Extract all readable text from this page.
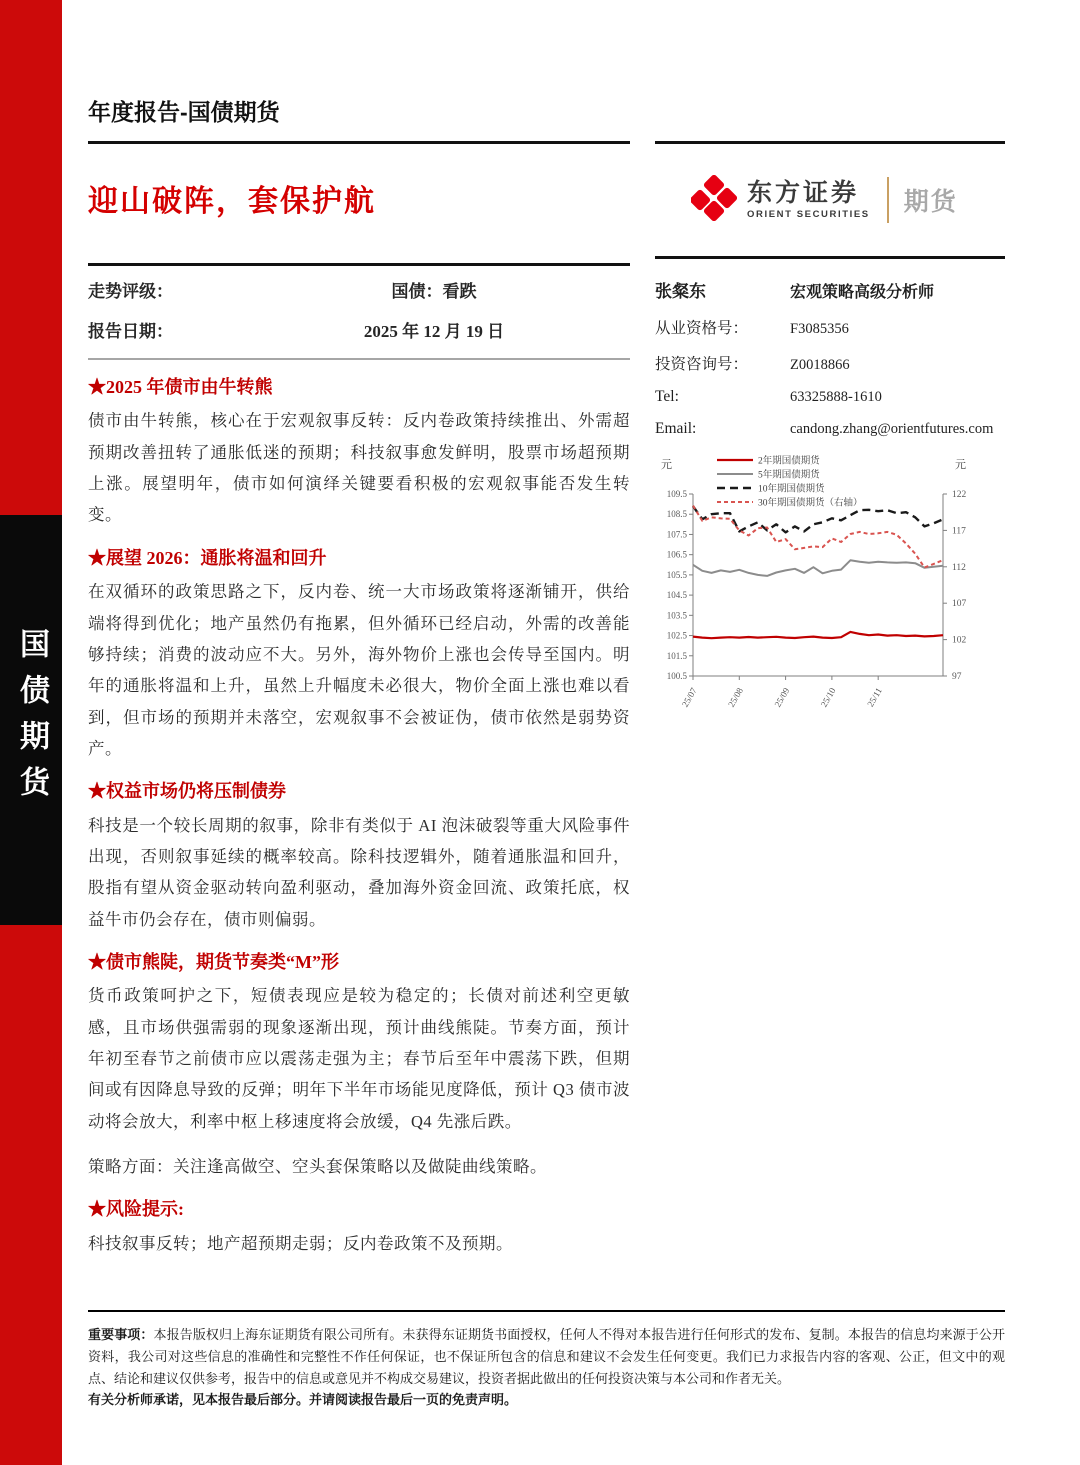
国债期货
年度报告-国债期货
迎山破阵，套保护航
走势评级：	国债：看跌
报告日期：	2025 年 12 月 19 日
★2025 年债市由牛转熊

债市由牛转熊，核心在于宏观叙事反转：反内卷政策持续推出、外需超预期改善扭转了通胀低迷的预期；科技叙事愈发鲜明，股票市场超预期上涨。展望明年，债市如何演绎关键要看积极的宏观叙事能否发生转变。

★展望 2026：通胀将温和回升

在双循环的政策思路之下，反内卷、统一大市场政策将逐渐铺开，供给端将得到优化；地产虽然仍有拖累，但外循环已经启动，外需的改善能够持续；消费的波动应不大。另外，海外物价上涨也会传导至国内。明年的通胀将温和上升，虽然上升幅度未必很大，物价全面上涨也难以看到，但市场的预期并未落空，宏观叙事不会被证伪，债市依然是弱势资产。

★权益市场仍将压制债券

科技是一个较长周期的叙事，除非有类似于 AI 泡沫破裂等重大风险事件出现，否则叙事延续的概率较高。除科技逻辑外，随着通胀温和回升，股指有望从资金驱动转向盈利驱动，叠加海外资金回流、政策托底，权益牛市仍会存在，债市则偏弱。

★债市熊陡，期货节奏类“M”形

货币政策呵护之下，短债表现应是较为稳定的；长债对前述利空更敏感，且市场供强需弱的现象逐渐出现，预计曲线熊陡。节奏方面，预计年初至春节之前债市应以震荡走强为主；春节后至年中震荡下跌，但期间或有因降息导致的反弹；明年下半年市场能见度降低，预计 Q3 债市波动将会放大，利率中枢上移速度将会放缓，Q4 先涨后跌。

策略方面：关注逢高做空、空头套保策略以及做陡曲线策略。

★风险提示:

科技叙事反转；地产超预期走弱；反内卷政策不及预期。

东方证券
ORIENT SECURITIES 期货
张粲东	宏观策略高级分析师
从业资格号：	F3085356
投资咨询号：	Z0018866
Tel:	63325888-1610
Email:	candong.zhang@orientfutures.com
100.5
101.5
102.5
103.5
104.5
105.5
106.5
107.5
108.5
109.5
97
102
107
112
117
122
25/07	25/08	25/09	25/10	25/11
元	元
2年期国债期货
5年期国债期货
10年期国债期货
30年期国债期货（右轴）

重要事项：本报告版权归上海东证期货有限公司所有。未获得东证期货书面授权，任何人不得对本报告进行任何形式的发布、复制。本报告的信息均来源于公开资料，我公司对这些信息的准确性和完整性不作任何保证，也不保证所包含的信息和建议不会发生任何变更。我们已力求报告内容的客观、公正，但文中的观点、结论和建议仅供参考，报告中的信息或意见并不构成交易建议，投资者据此做出的任何投资决策与本公司和作者无关。

有关分析师承诺，见本报告最后部分。并请阅读报告最后一页的免责声明。
